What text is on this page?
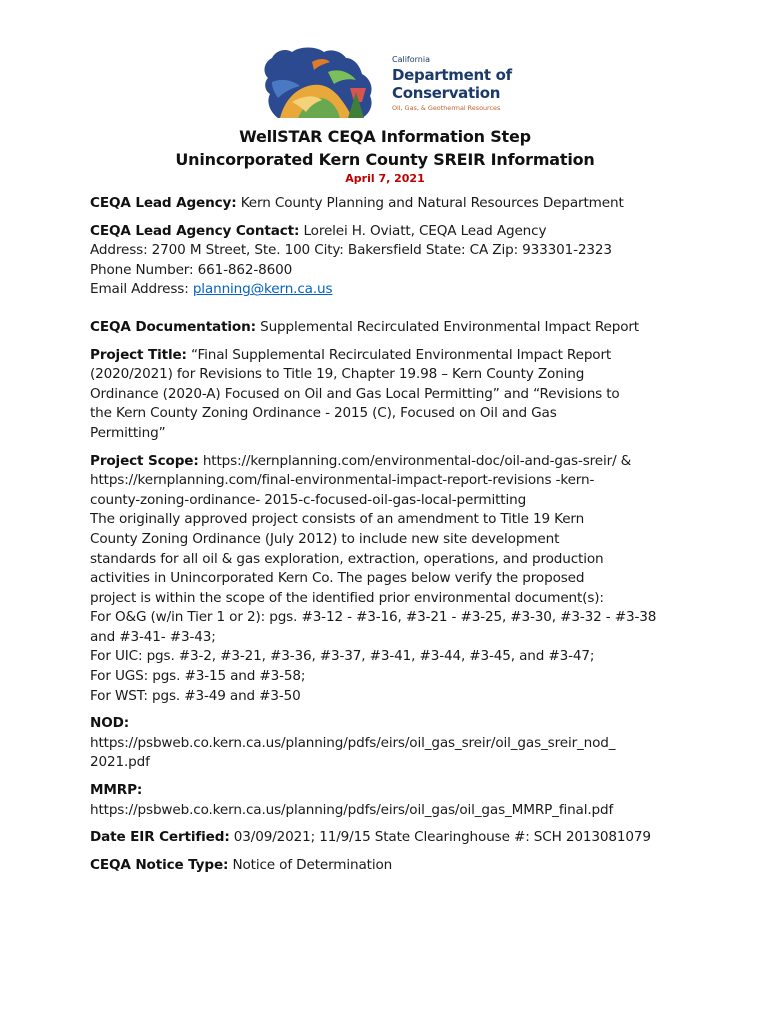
California
Department of
Conservation
Oil, Gas, & Geothermal Resources
WellSTAR CEQA Information Step
Unincorporated Kern County SREIR Information
April 7, 2021

CEQA Lead Agency: Kern County Planning and Natural Resources Department

CEQA Lead Agency Contact: Lorelei H. Oviatt, CEQA Lead Agency

Address: 2700 M Street, Ste. 100 City: Bakersfield State: CA Zip: 933301-2323

Phone Number: 661-862-8600

Email Address: planning@kern.ca.us

CEQA Documentation: Supplemental Recirculated Environmental Impact Report

Project Title: “Final Supplemental Recirculated Environmental Impact Report

(2020/2021) for Revisions to Title 19, Chapter 19.98 – Kern County Zoning

Ordinance (2020-A) Focused on Oil and Gas Local Permitting” and “Revisions to

the Kern County Zoning Ordinance - 2015 (C), Focused on Oil and Gas

Permitting”

Project Scope: https://kernplanning.com/environmental-doc/oil-and-gas-sreir/ &

https://kernplanning.com/final-environmental-impact-report-revisions -kern-

county-zoning-ordinance- 2015-c-focused-oil-gas-local-permitting

The originally approved project consists of an amendment to Title 19 Kern

County Zoning Ordinance (July 2012) to include new site development

standards for all oil & gas exploration, extraction, operations, and production

activities in Unincorporated Kern Co. The pages below verify the proposed

project is within the scope of the identified prior environmental document(s):

For O&G (w/in Tier 1 or 2): pgs. #3-12 - #3-16, #3-21 - #3-25, #3-30, #3-32 - #3-38

and #3-41- #3-43;

For UIC: pgs. #3-2, #3-21, #3-36, #3-37, #3-41, #3-44, #3-45, and #3-47;

For UGS: pgs. #3-15 and #3-58;

For WST: pgs. #3-49 and #3-50

NOD:

https://psbweb.co.kern.ca.us/planning/pdfs/eirs/oil_gas_sreir/oil_gas_sreir_nod_

2021.pdf

MMRP:

https://psbweb.co.kern.ca.us/planning/pdfs/eirs/oil_gas/oil_gas_MMRP_final.pdf

Date EIR Certified: 03/09/2021; 11/9/15 State Clearinghouse #: SCH 2013081079

CEQA Notice Type: Notice of Determination
